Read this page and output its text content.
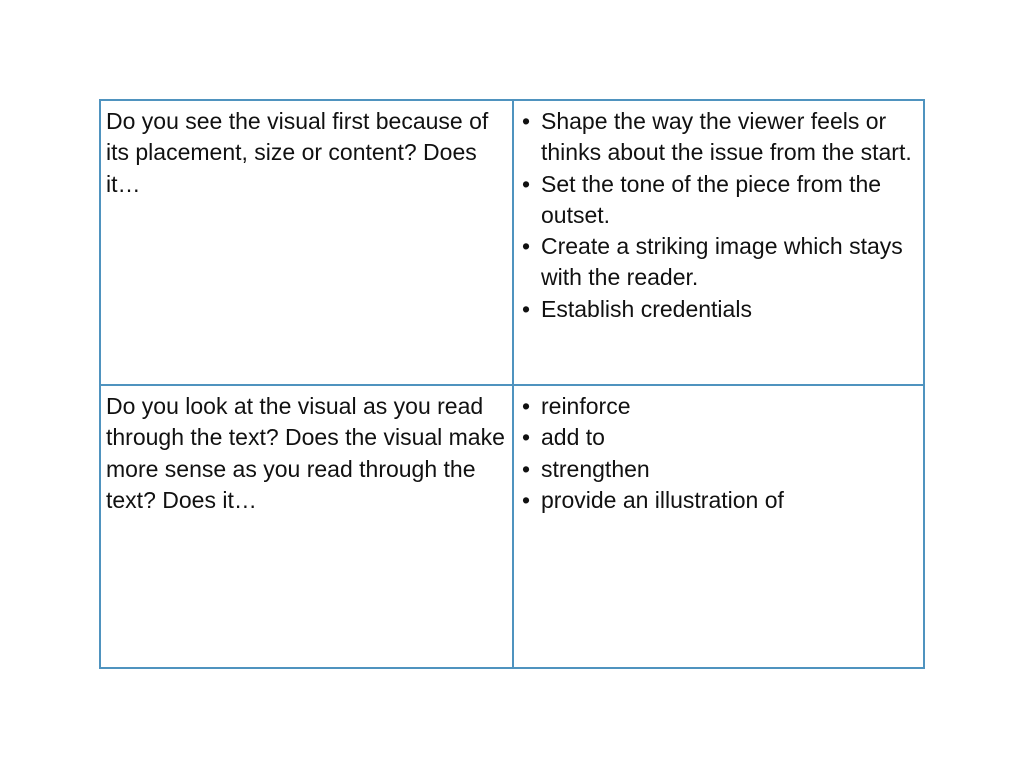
Do you see the visual first because of its placement, size or content? Does it…

• Shape the way the viewer feels or thinks about the issue from the start.
• Set the tone of the piece from the outset.
• Create a striking image which stays with the reader.
• Establish credentials

Do you look at the visual as you read through the text? Does the visual make more sense as you read through the text? Does it…

• reinforce
• add to
• strengthen
• provide an illustration of
